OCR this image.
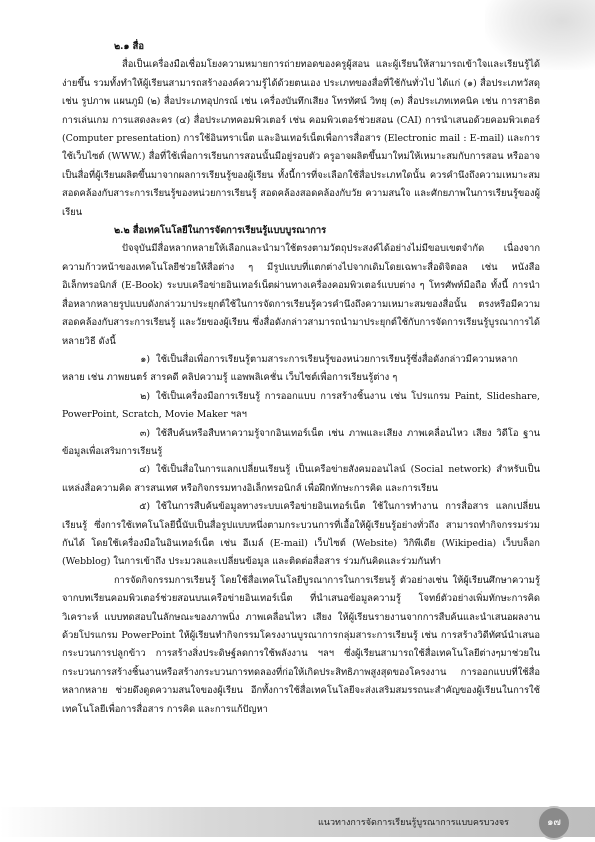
๒.๑ สื่อ

สื่อเป็นเครื่องมือเชื่อมโยงความหมายการถ่ายทอดของครูผู้สอน และผู้เรียนให้สามารถเข้าใจและเรียนรู้ได้ง่ายขึ้น รวมทั้งทำให้ผู้เรียนสามารถสร้างองค์ความรู้ได้ด้วยตนเอง ประเภทของสื่อที่ใช้กันทั่วไป ได้แก่ (๑) สื่อประเภทวัสดุ เช่น รูปภาพ แผนภูมิ (๒) สื่อประเภทอุปกรณ์ เช่น เครื่องบันทึกเสียง โทรทัศน์ วิทยุ (๓) สื่อประเภทเทคนิค เช่น การสาธิต การเล่นเกม การแสดงละคร (๔) สื่อประเภทคอมพิวเตอร์ เช่น คอมพิวเตอร์ช่วยสอน (CAI) การนำเสนอด้วยคอมพิวเตอร์ (Computer presentation) การใช้อินทราเน็ต และอินเทอร์เน็ตเพื่อการสื่อสาร (Electronic mail : E-mail) และการใช้เว็บไซต์ (WWW.) สื่อที่ใช้เพื่อการเรียนการสอนนั้นมีอยู่รอบตัว ครูอาจผลิตขึ้นมาใหม่ให้เหมาะสมกับการสอน หรืออาจเป็นสื่อที่ผู้เรียนผลิตขึ้นมาจากผลการเรียนรู้ของผู้เรียน ทั้งนี้การที่จะเลือกใช้สื่อประเภทใดนั้น ควรคำนึงถึงความเหมาะสม สอดคล้องกับสาระการเรียนรู้ของหน่วยการเรียนรู้ สอดคล้องสอดคล้องกับวัย ความสนใจ และศักยภาพในการเรียนรู้ของผู้เรียน

๒.๒ สื่อเทคโนโลยีในการจัดการเรียนรู้แบบบูรณาการ

ปัจจุบันมีสื่อหลากหลายให้เลือกและนำมาใช้ตรงตามวัตถุประสงค์ได้อย่างไม่มีขอบเขตจำกัด เนื่องจากความก้าวหน้าของเทคโนโลยีช่วยให้สื่อต่าง ๆ มีรูปแบบที่แตกต่างไปจากเดิมโดยเฉพาะสื่อดิจิตอล เช่น หนังสืออิเล็กทรอนิกส์ (E-Book) ระบบเครือข่ายอินเทอร์เน็ตผ่านทางเครื่องคอมพิวเตอร์แบบต่าง ๆ โทรศัพท์มือถือ ทั้งนี้ การนำสื่อหลากหลายรูปแบบดังกล่าวมาประยุกต์ใช้ในการจัดการเรียนรู้ควรคำนึงถึงความเหมาะสมของสื่อนั้น ตรงหรือมีความสอดคล้องกับสาระการเรียนรู้ และวัยของผู้เรียน ซึ่งสื่อดังกล่าวสามารถนำมาประยุกต์ใช้กับการจัดการเรียนรู้บูรณาการได้หลายวิธี ดังนี้

๑) ใช้เป็นสื่อเพื่อการเรียนรู้ตามสาระการเรียนรู้ของหน่วยการเรียนรู้ซึ่งสื่อดังกล่าวมีความหลากหลาย เช่น ภาพยนตร์ สารคดี คลิปความรู้ แอพพลิเคชั่น เว็บไซต์เพื่อการเรียนรู้ต่าง ๆ

๒) ใช้เป็นเครื่องมือการเรียนรู้ การออกแบบ การสร้างชิ้นงาน เช่น โปรแกรม Paint, Slideshare, PowerPoint, Scratch, Movie Maker ฯลฯ

๓) ใช้สืบค้นหรือสืบหาความรู้จากอินเทอร์เน็ต เช่น ภาพและเสียง ภาพเคลื่อนไหว เสียง วิดีโอ ฐานข้อมูลเพื่อเสริมการเรียนรู้

๔) ใช้เป็นสื่อในการแลกเปลี่ยนเรียนรู้ เป็นเครือข่ายสังคมออนไลน์ (Social network) สำหรับเป็นแหล่งสื่อความคิด สารสนเทศ หรือกิจกรรมทางอิเล็กทรอนิกส์ เพื่อฝึกทักษะการคิด และการเรียน

๕) ใช้ในการสืบค้นข้อมูลทางระบบเครือข่ายอินเทอร์เน็ต ใช้ในการทำงาน การสื่อสาร แลกเปลี่ยนเรียนรู้ ซึ่งการใช้เทคโนโลยีนี้นับเป็นสื่อรูปแบบหนึ่งตามกระบวนการที่เอื้อให้ผู้เรียนรู้อย่างทั่วถึง สามารถทำกิจกรรมร่วมกันได้ โดยใช้เครื่องมือในอินเทอร์เน็ต เช่น อีเมล์ (E-mail) เว็บไซต์ (Website) วิกิพีเดีย (Wikipedia) เว็บบล็อก (Webblog) ในการเข้าถึง ประมวลและเปลี่ยนข้อมูล และติดต่อสื่อสาร ร่วมกันคิดและร่วมกันทำ

การจัดกิจกรรมการเรียนรู้ โดยใช้สื่อเทคโนโลยีบูรณาการในการเรียนรู้ ตัวอย่างเช่น ให้ผู้เรียนศึกษาความรู้จากบทเรียนคอมพิวเตอร์ช่วยสอนบนเครือข่ายอินเทอร์เน็ต ที่นำเสนอข้อมูลความรู้ โจทย์ตัวอย่างเพิ่มทักษะการคิด วิเคราะห์ แบบทดสอบในลักษณะของภาพนิ่ง ภาพเคลื่อนไหว เสียง ให้ผู้เรียนรายงานจากการสืบค้นและนำเสนอผลงานด้วยโปรแกรม PowerPoint ให้ผู้เรียนทำกิจกรรมโครงงานบูรณาการกลุ่มสาระการเรียนรู้ เช่น การสร้างวิดีทัศน์นำเสนอกระบวนการปลูกข้าว การสร้างสิ่งประดิษฐ์ลดการใช้พลังงาน ฯลฯ ซึ่งผู้เรียนสามารถใช้สื่อเทคโนโลยีต่างๆมาช่วยในกระบวนการสร้างชิ้นงานหรือสร้างกระบวนการทดลองที่ก่อให้เกิดประสิทธิภาพสูงสุดของโครงงาน การออกแบบที่ใช้สื่อหลากหลาย ช่วยดึงดูดความสนใจของผู้เรียน อีกทั้งการใช้สื่อเทคโนโลยีจะส่งเสริมสมรรถนะสำคัญของผู้เรียนในการใช้เทคโนโลยีเพื่อการสื่อสาร การคิด และการแก้ปัญหา

แนวทางการจัดการเรียนรู้บูรณาการแบบครบวงจร	๑๗
